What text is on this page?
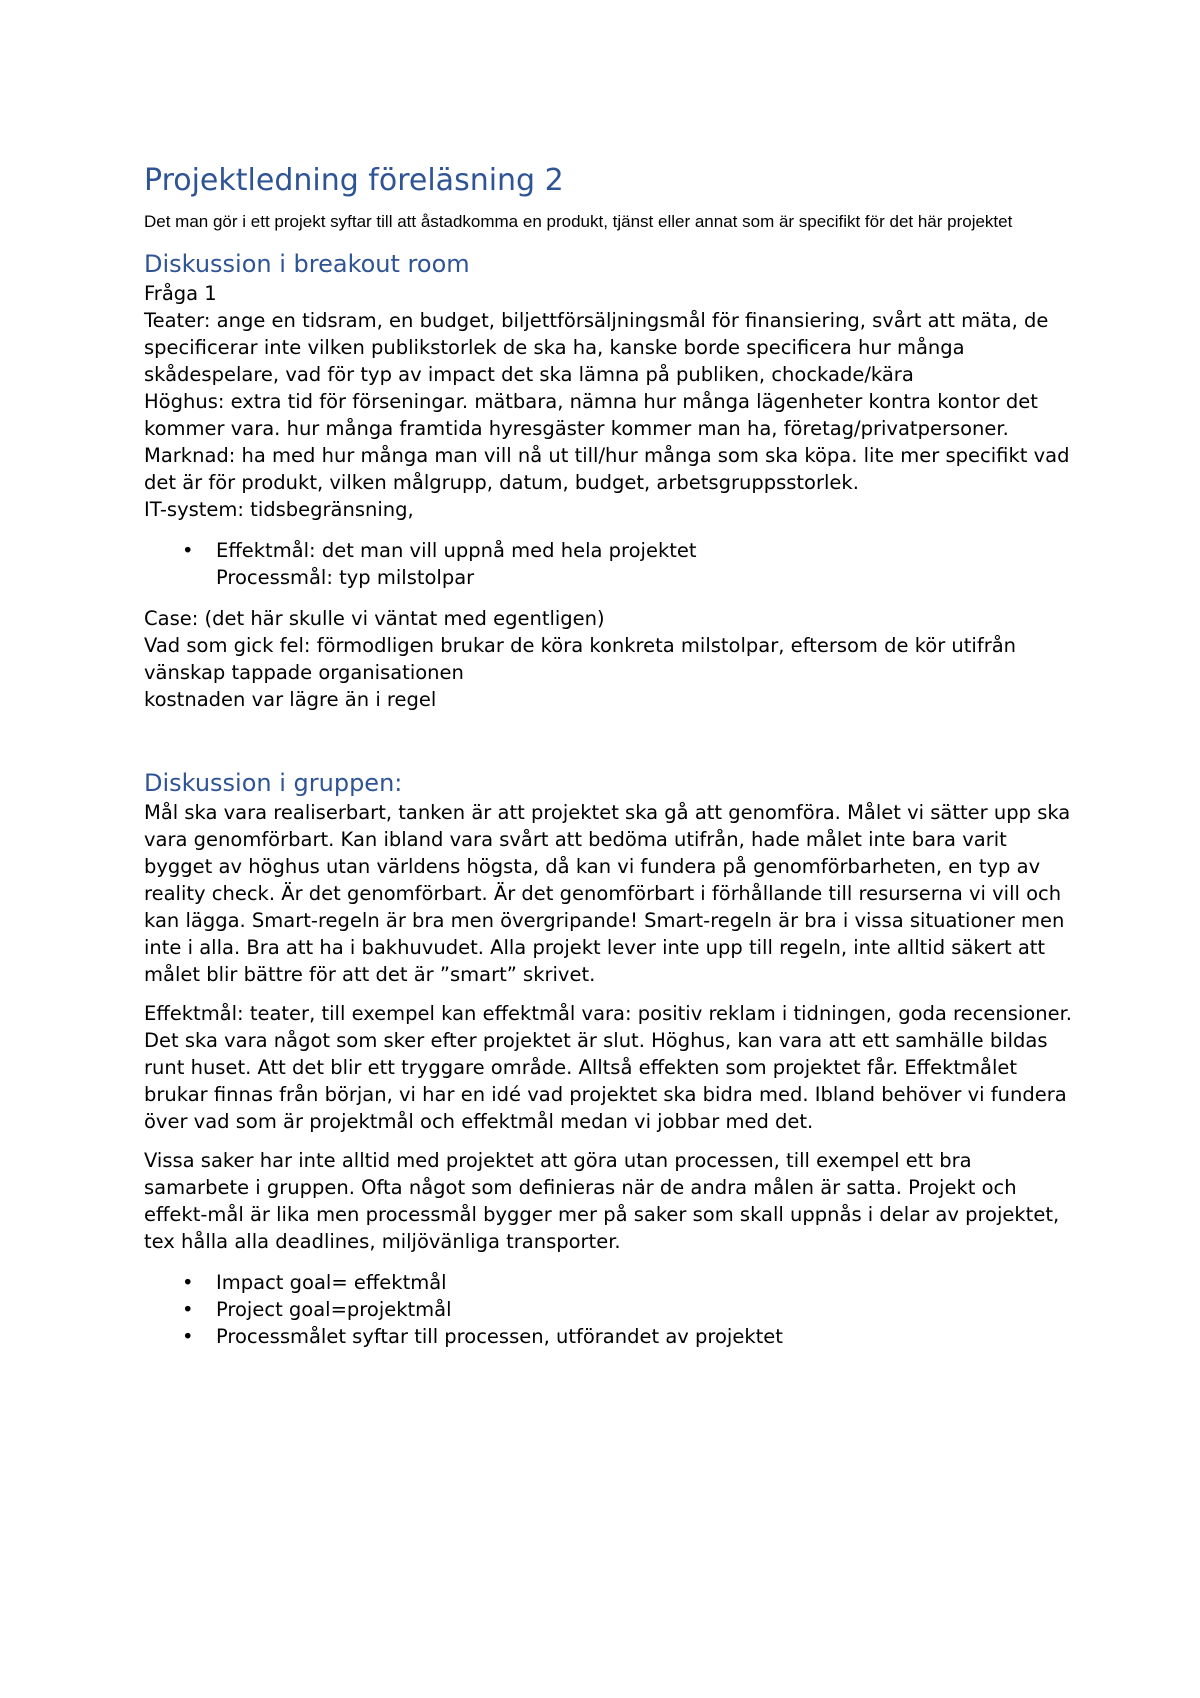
Projektledning föreläsning 2

Det man gör i ett projekt syftar till att åstadkomma en produkt, tjänst eller annat som är specifikt för det här projektet

Diskussion i breakout room

Fråga 1

Teater: ange en tidsram, en budget, biljettförsäljningsmål för finansiering, svårt att mäta, de specificerar inte vilken publikstorlek de ska ha, kanske borde specificera hur många skådespelare, vad för typ av impact det ska lämna på publiken, chockade/kära

Höghus: extra tid för förseningar. mätbara, nämna hur många lägenheter kontra kontor det kommer vara. hur många framtida hyresgäster kommer man ha, företag/privatpersoner.

Marknad: ha med hur många man vill nå ut till/hur många som ska köpa. lite mer specifikt vad det är för produkt, vilken målgrupp, datum, budget, arbetsgruppsstorlek.

IT-system: tidsbegränsning,

• Effektmål: det man vill uppnå med hela projektet
Processmål: typ milstolpar

Case: (det här skulle vi väntat med egentligen)

Vad som gick fel: förmodligen brukar de köra konkreta milstolpar, eftersom de kör utifrån vänskap tappade organisationen

kostnaden var lägre än i regel

Diskussion i gruppen:

Mål ska vara realiserbart, tanken är att projektet ska gå att genomföra. Målet vi sätter upp ska vara genomförbart. Kan ibland vara svårt att bedöma utifrån, hade målet inte bara varit bygget av höghus utan världens högsta, då kan vi fundera på genomförbarheten, en typ av reality check. Är det genomförbart. Är det genomförbart i förhållande till resurserna vi vill och kan lägga. Smart-regeln är bra men övergripande! Smart-regeln är bra i vissa situationer men inte i alla. Bra att ha i bakhuvudet. Alla projekt lever inte upp till regeln, inte alltid säkert att målet blir bättre för att det är ”smart” skrivet.

Effektmål: teater, till exempel kan effektmål vara: positiv reklam i tidningen, goda recensioner. Det ska vara något som sker efter projektet är slut. Höghus, kan vara att ett samhälle bildas runt huset. Att det blir ett tryggare område. Alltså effekten som projektet får. Effektmålet brukar finnas från början, vi har en idé vad projektet ska bidra med. Ibland behöver vi fundera över vad som är projektmål och effektmål medan vi jobbar med det.

Vissa saker har inte alltid med projektet att göra utan processen, till exempel ett bra samarbete i gruppen. Ofta något som definieras när de andra målen är satta. Projekt och effekt-mål är lika men processmål bygger mer på saker som skall uppnås i delar av projektet, tex hålla alla deadlines, miljövänliga transporter.

• Impact goal= effektmål
• Project goal=projektmål
• Processmålet syftar till processen, utförandet av projektet
